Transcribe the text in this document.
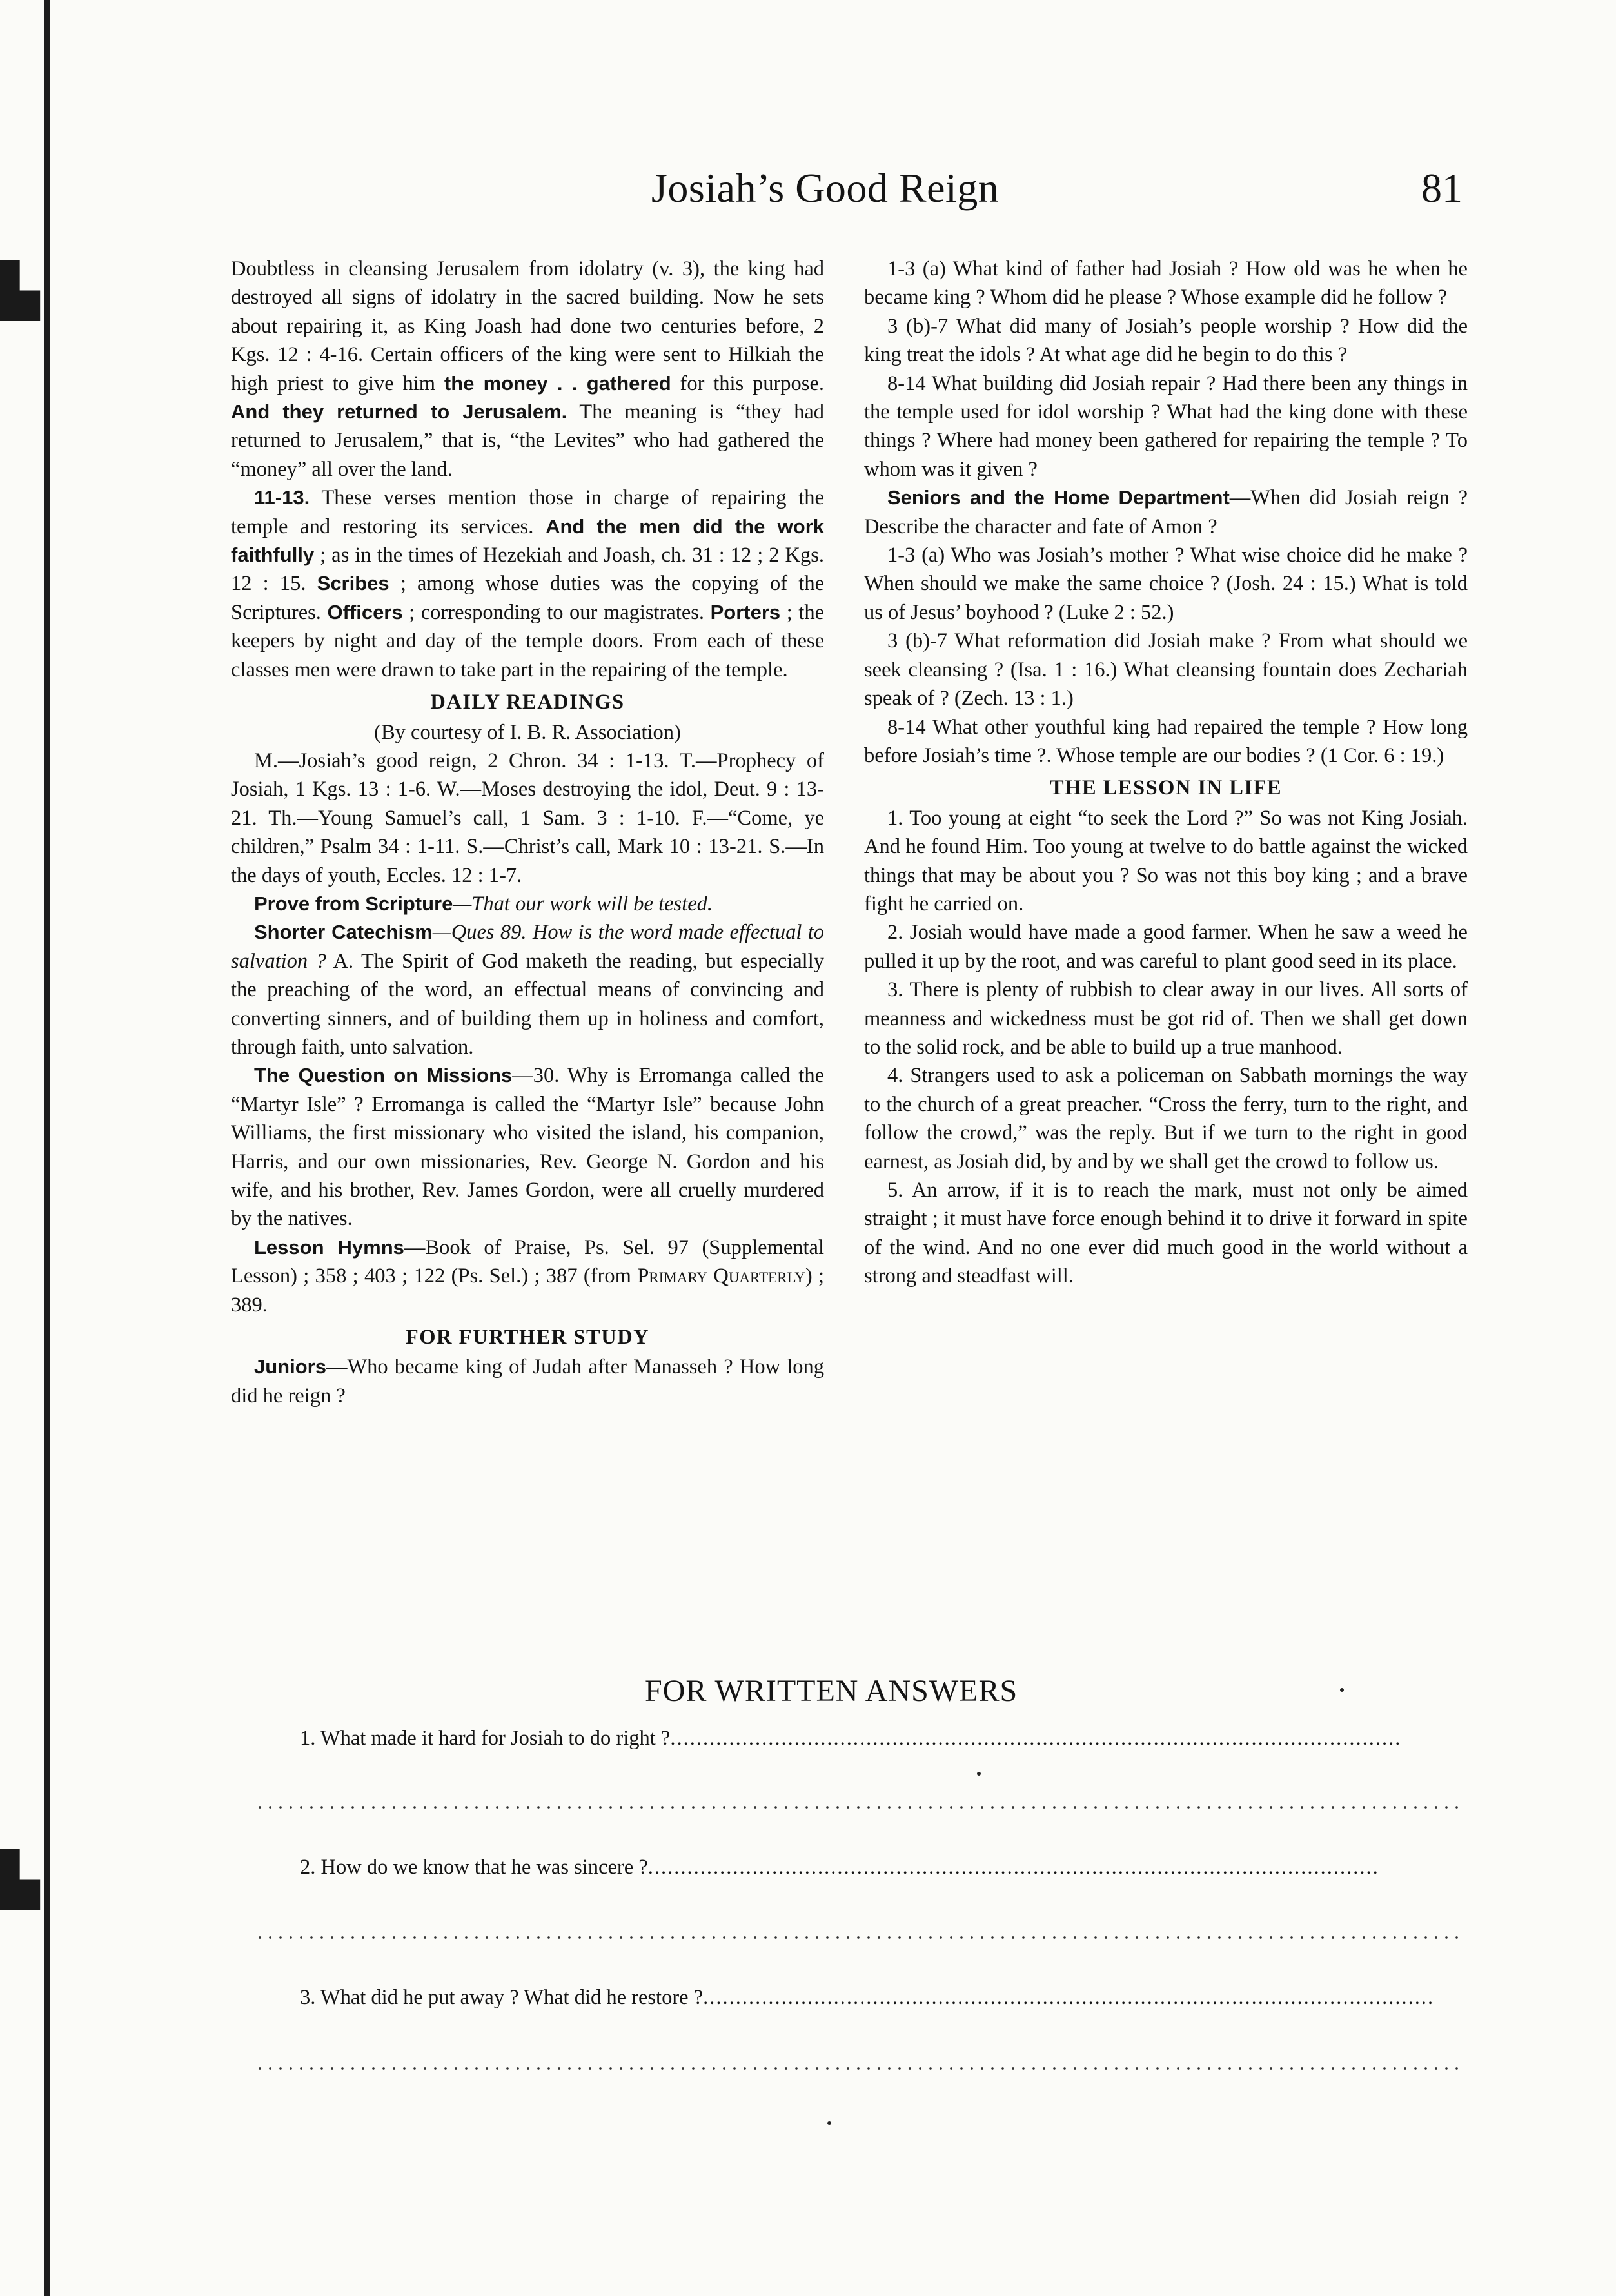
▙
▙
Josiah’s Good Reign	81

Doubtless in cleansing Jerusalem from idolatry (v. 3), the king had destroyed all signs of idolatry in the sacred building. Now he sets about repairing it, as King Joash had done two centuries before, 2 Kgs. 12 : 4-16. Certain officers of the king were sent to Hilkiah the high priest to give him the money . . gathered for this purpose. And they returned to Jerusalem. The meaning is “they had returned to Jerusalem,” that is, “the Levites” who had gathered the “money” all over the land.

11-13. These verses mention those in charge of repairing the temple and restoring its services. And the men did the work faithfully ; as in the times of Hezekiah and Joash, ch. 31 : 12 ; 2 Kgs. 12 : 15. Scribes ; among whose duties was the copying of the Scriptures. Officers ; corresponding to our magistrates. Porters ; the keepers by night and day of the temple doors. From each of these classes men were drawn to take part in the repairing of the temple.

DAILY READINGS

(By courtesy of I. B. R. Association)

M.—Josiah’s good reign, 2 Chron. 34 : 1-13. T.—Prophecy of Josiah, 1 Kgs. 13 : 1-6. W.—Moses destroying the idol, Deut. 9 : 13-21. Th.—Young Samuel’s call, 1 Sam. 3 : 1-10. F.—“Come, ye children,” Psalm 34 : 1-11. S.—Christ’s call, Mark 10 : 13-21. S.—In the days of youth, Eccles. 12 : 1-7.

Prove from Scripture—That our work will be tested.

Shorter Catechism—Ques 89. How is the word made effectual to salvation ? A. The Spirit of God maketh the reading, but especially the preaching of the word, an effectual means of convincing and converting sinners, and of building them up in holiness and comfort, through faith, unto salvation.

The Question on Missions—30. Why is Erromanga called the “Martyr Isle” ? Erromanga is called the “Martyr Isle” because John Williams, the first missionary who visited the island, his companion, Harris, and our own missionaries, Rev. George N. Gordon and his wife, and his brother, Rev. James Gordon, were all cruelly murdered by the natives.

Lesson Hymns—Book of Praise, Ps. Sel. 97 (Supplemental Lesson) ; 358 ; 403 ; 122 (Ps. Sel.) ; 387 (from Primary Quarterly) ; 389.

FOR FURTHER STUDY

Juniors—Who became king of Judah after Manasseh ? How long did he reign ?

1-3 (a) What kind of father had Josiah ? How old was he when he became king ? Whom did he please ? Whose example did he follow ?

3 (b)-7 What did many of Josiah’s people worship ? How did the king treat the idols ? At what age did he begin to do this ?

8-14 What building did Josiah repair ? Had there been any things in the temple used for idol worship ? What had the king done with these things ? Where had money been gathered for repairing the temple ? To whom was it given ?

Seniors and the Home Department—When did Josiah reign ? Describe the character and fate of Amon ?

1-3 (a) Who was Josiah’s mother ? What wise choice did he make ? When should we make the same choice ? (Josh. 24 : 15.) What is told us of Jesus’ boyhood ? (Luke 2 : 52.)

3 (b)-7 What reformation did Josiah make ? From what should we seek cleansing ? (Isa. 1 : 16.) What cleansing fountain does Zechariah speak of ? (Zech. 13 : 1.)

8-14 What other youthful king had repaired the temple ? How long before Josiah’s time ?. Whose temple are our bodies ? (1 Cor. 6 : 19.)

THE LESSON IN LIFE

1. Too young at eight “to seek the Lord ?” So was not King Josiah. And he found Him. Too young at twelve to do battle against the wicked things that may be about you ? So was not this boy king ; and a brave fight he carried on.

2. Josiah would have made a good farmer. When he saw a weed he pulled it up by the root, and was careful to plant good seed in its place.

3. There is plenty of rubbish to clear away in our lives. All sorts of meanness and wickedness must be got rid of. Then we shall get down to the solid rock, and be able to build up a true manhood.

4. Strangers used to ask a policeman on Sabbath mornings the way to the church of a great preacher. “Cross the ferry, turn to the right, and follow the crowd,” was the reply. But if we turn to the right in good earnest, as Josiah did, by and by we shall get the crowd to follow us.

5. An arrow, if it is to reach the mark, must not only be aimed straight ; it must have force enough behind it to drive it forward in spite of the wind. And no one ever did much good in the world without a strong and steadfast will.

FOR WRITTEN ANSWERS
1. What made it hard for Josiah to do right ?................................................................................................................
2. How do we know that he was sincere ?................................................................................................................
3. What did he put away ? What did he restore ?................................................................................................................
